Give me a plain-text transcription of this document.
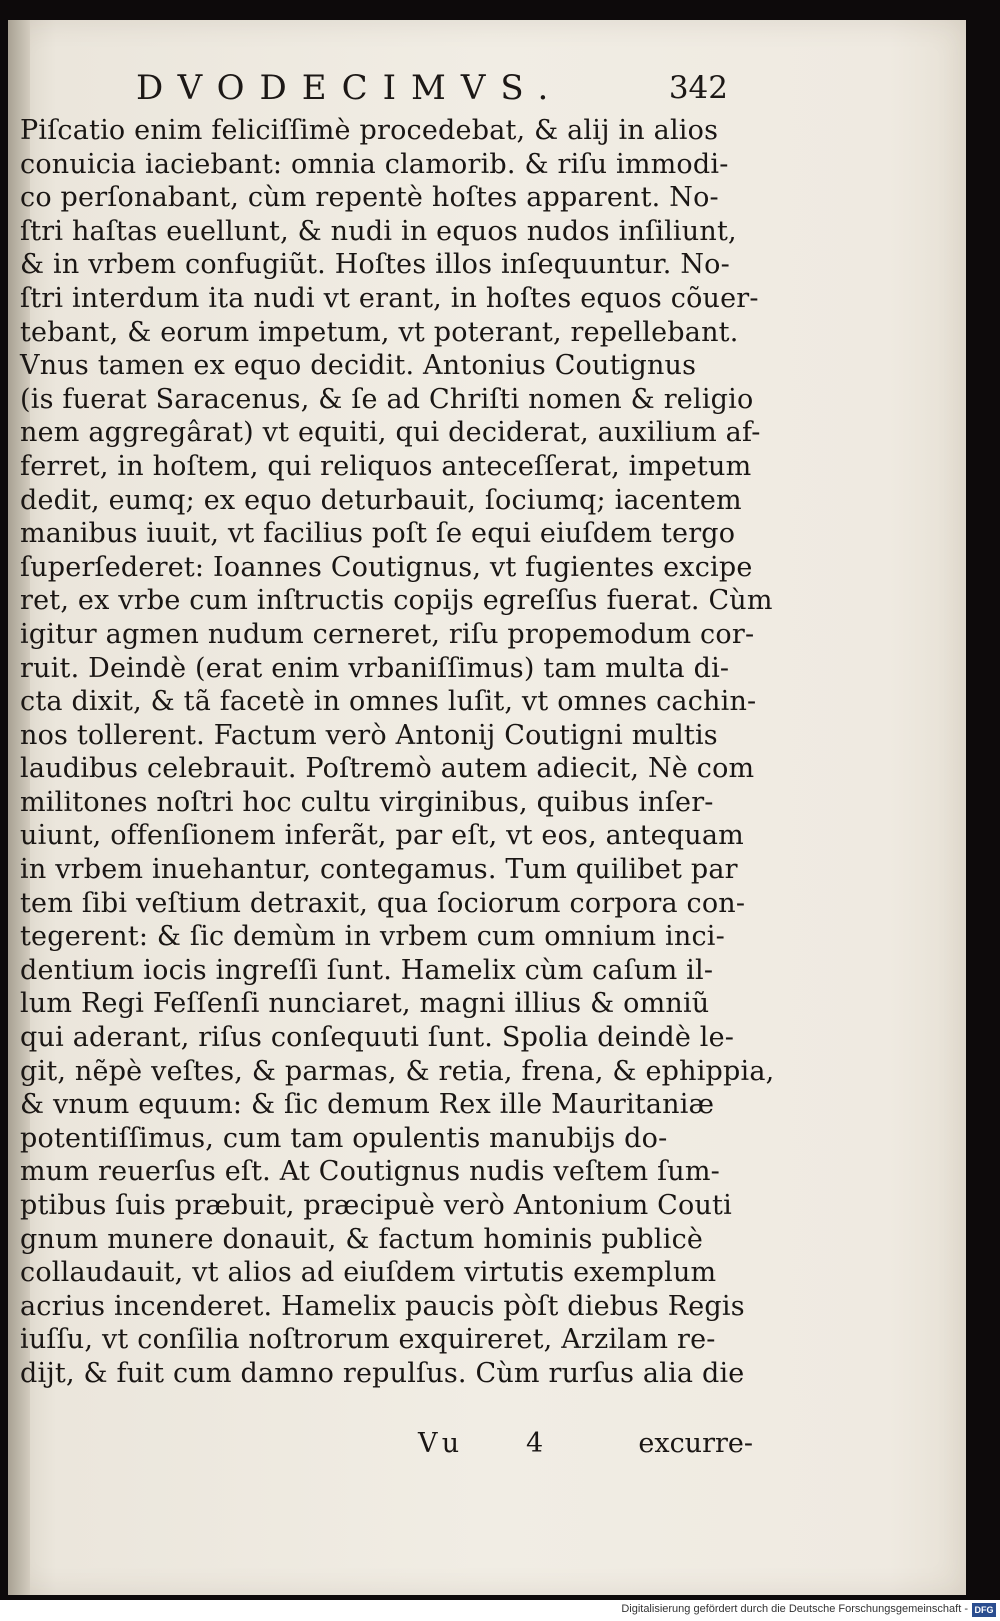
DVODECIMVS.	342
Piſcatio enim feliciſſimè procedebat, & alij in alios
conuicia iaciebant: omnia clamorib. & riſu immodi-
co perſonabant, cùm repentè hoſtes apparent. No-
ſtri haſtas euellunt, & nudi in equos nudos inſiliunt,
& in vrbem confugiũt. Hoſtes illos inſequuntur. No-
ſtri interdum ita nudi vt erant, in hoſtes equos cõuer-
tebant, & eorum impetum, vt poterant, repellebant.
Vnus tamen ex equo decidit. Antonius Coutignus
(is fuerat Saracenus, & ſe ad Chriſti nomen & religio
nem aggregârat) vt equiti, qui deciderat, auxilium af-
ferret, in hoſtem, qui reliquos anteceſſerat, impetum
dedit, eumq; ex equo deturbauit, ſociumq; iacentem
manibus iuuit, vt facilius poſt ſe equi eiuſdem tergo
ſuperſederet: Ioannes Coutignus, vt fugientes excipe
ret, ex vrbe cum inſtructis copijs egreſſus fuerat. Cùm
igitur agmen nudum cerneret, riſu propemodum cor-
ruit. Deindè (erat enim vrbaniſſimus) tam multa di-
cta dixit, & tã facetè in omnes luſit, vt omnes cachin-
nos tollerent. Factum verò Antonij Coutigni multis
laudibus celebrauit. Poſtremò autem adiecit, Nè com
militones noſtri hoc cultu virginibus, quibus inſer-
uiunt, offenſionem inferãt, par eſt, vt eos, antequam
in vrbem inuehantur, contegamus. Tum quilibet par
tem ſibi veſtium detraxit, qua ſociorum corpora con-
tegerent: & ſic demùm in vrbem cum omnium inci-
dentium iocis ingreſſi ſunt. Hamelix cùm caſum il-
lum Regi Feſſenſi nunciaret, magni illius & omniũ
qui aderant, riſus conſequuti ſunt. Spolia deindè le-
git, nẽpè veſtes, & parmas, & retia, frena, & ephippia,
& vnum equum: & ſic demum Rex ille Mauritaniæ
potentiſſimus, cum tam opulentis manubijs do-
mum reuerſus eſt. At Coutignus nudis veſtem ſum-
ptibus ſuis præbuit, præcipuè verò Antonium Couti
gnum munere donauit, & factum hominis publicè
collaudauit, vt alios ad eiuſdem virtutis exemplum
acrius incenderet. Hamelix paucis pòſt diebus Regis
iuſſu, vt conſilia noſtrorum exquireret, Arzilam re-
dijt, & fuit cum damno repulſus. Cùm rurſus alia die
Vu 4	excurre-
Digitalisierung gefördert durch die Deutsche Forschungsgemeinschaft - DFG
